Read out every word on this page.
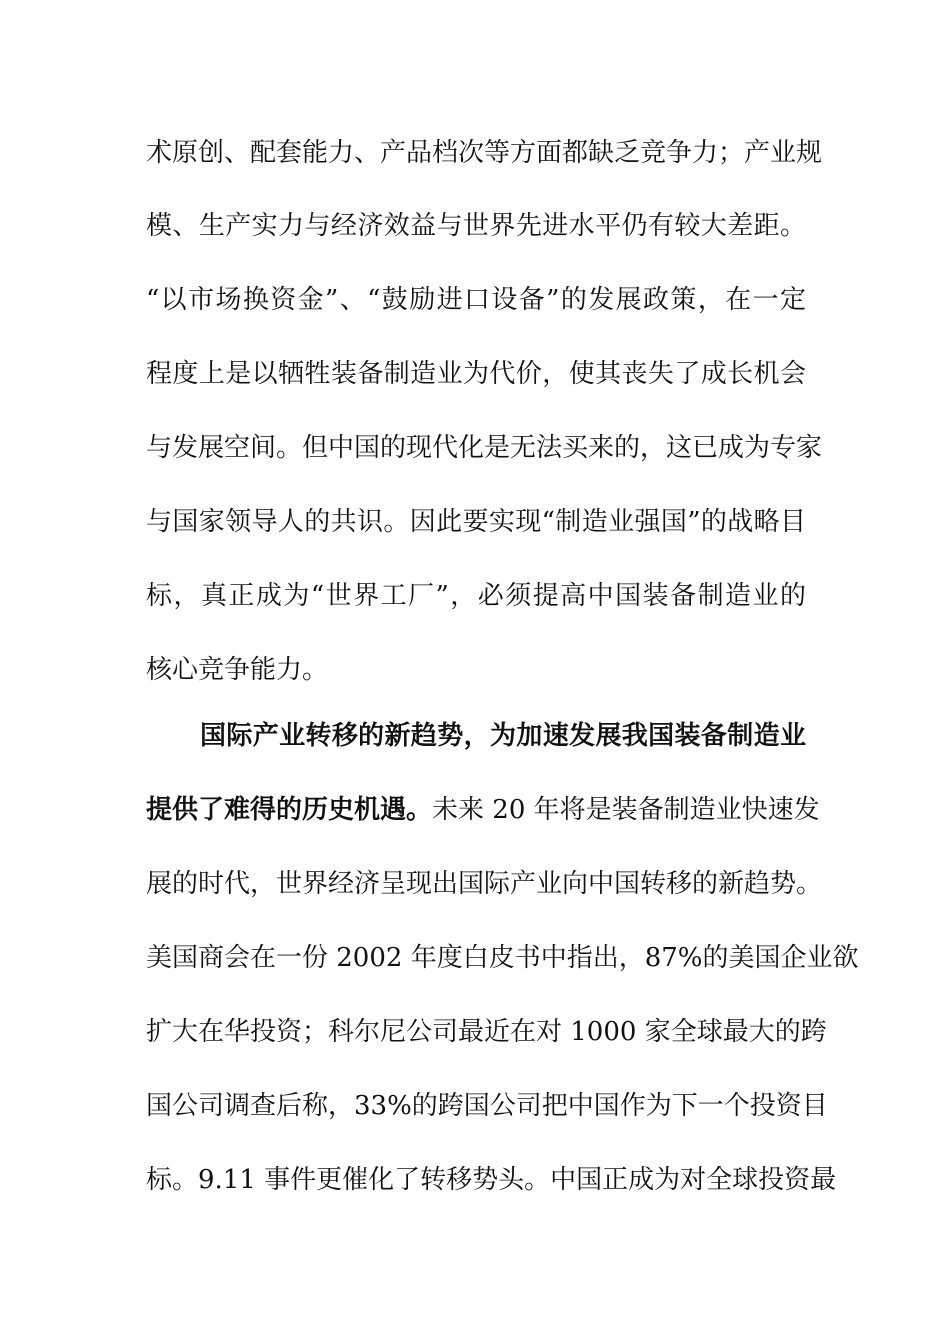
术原创、配套能力、产品档次等方面都缺乏竞争力；产业规
模、生产实力与经济效益与世界先进水平仍有较大差距。
“以市场换资金”、“鼓励进口设备”的发展政策，在一定
程度上是以牺牲装备制造业为代价，使其丧失了成长机会
与发展空间。但中国的现代化是无法买来的，这已成为专家
与国家领导人的共识。因此要实现“制造业强国”的战略目
标，真正成为“世界工厂”，必须提高中国装备制造业的
核心竞争能力。
国际产业转移的新趋势，为加速发展我国装备制造业
提供了难得的历史机遇。未来 20 年将是装备制造业快速发
展的时代，世界经济呈现出国际产业向中国转移的新趋势。
美国商会在一份 2002 年度白皮书中指出，87%的美国企业欲
扩大在华投资；科尔尼公司最近在对 1000 家全球最大的跨
国公司调查后称，33%的跨国公司把中国作为下一个投资目
标。9.11 事件更催化了转移势头。中国正成为对全球投资最
